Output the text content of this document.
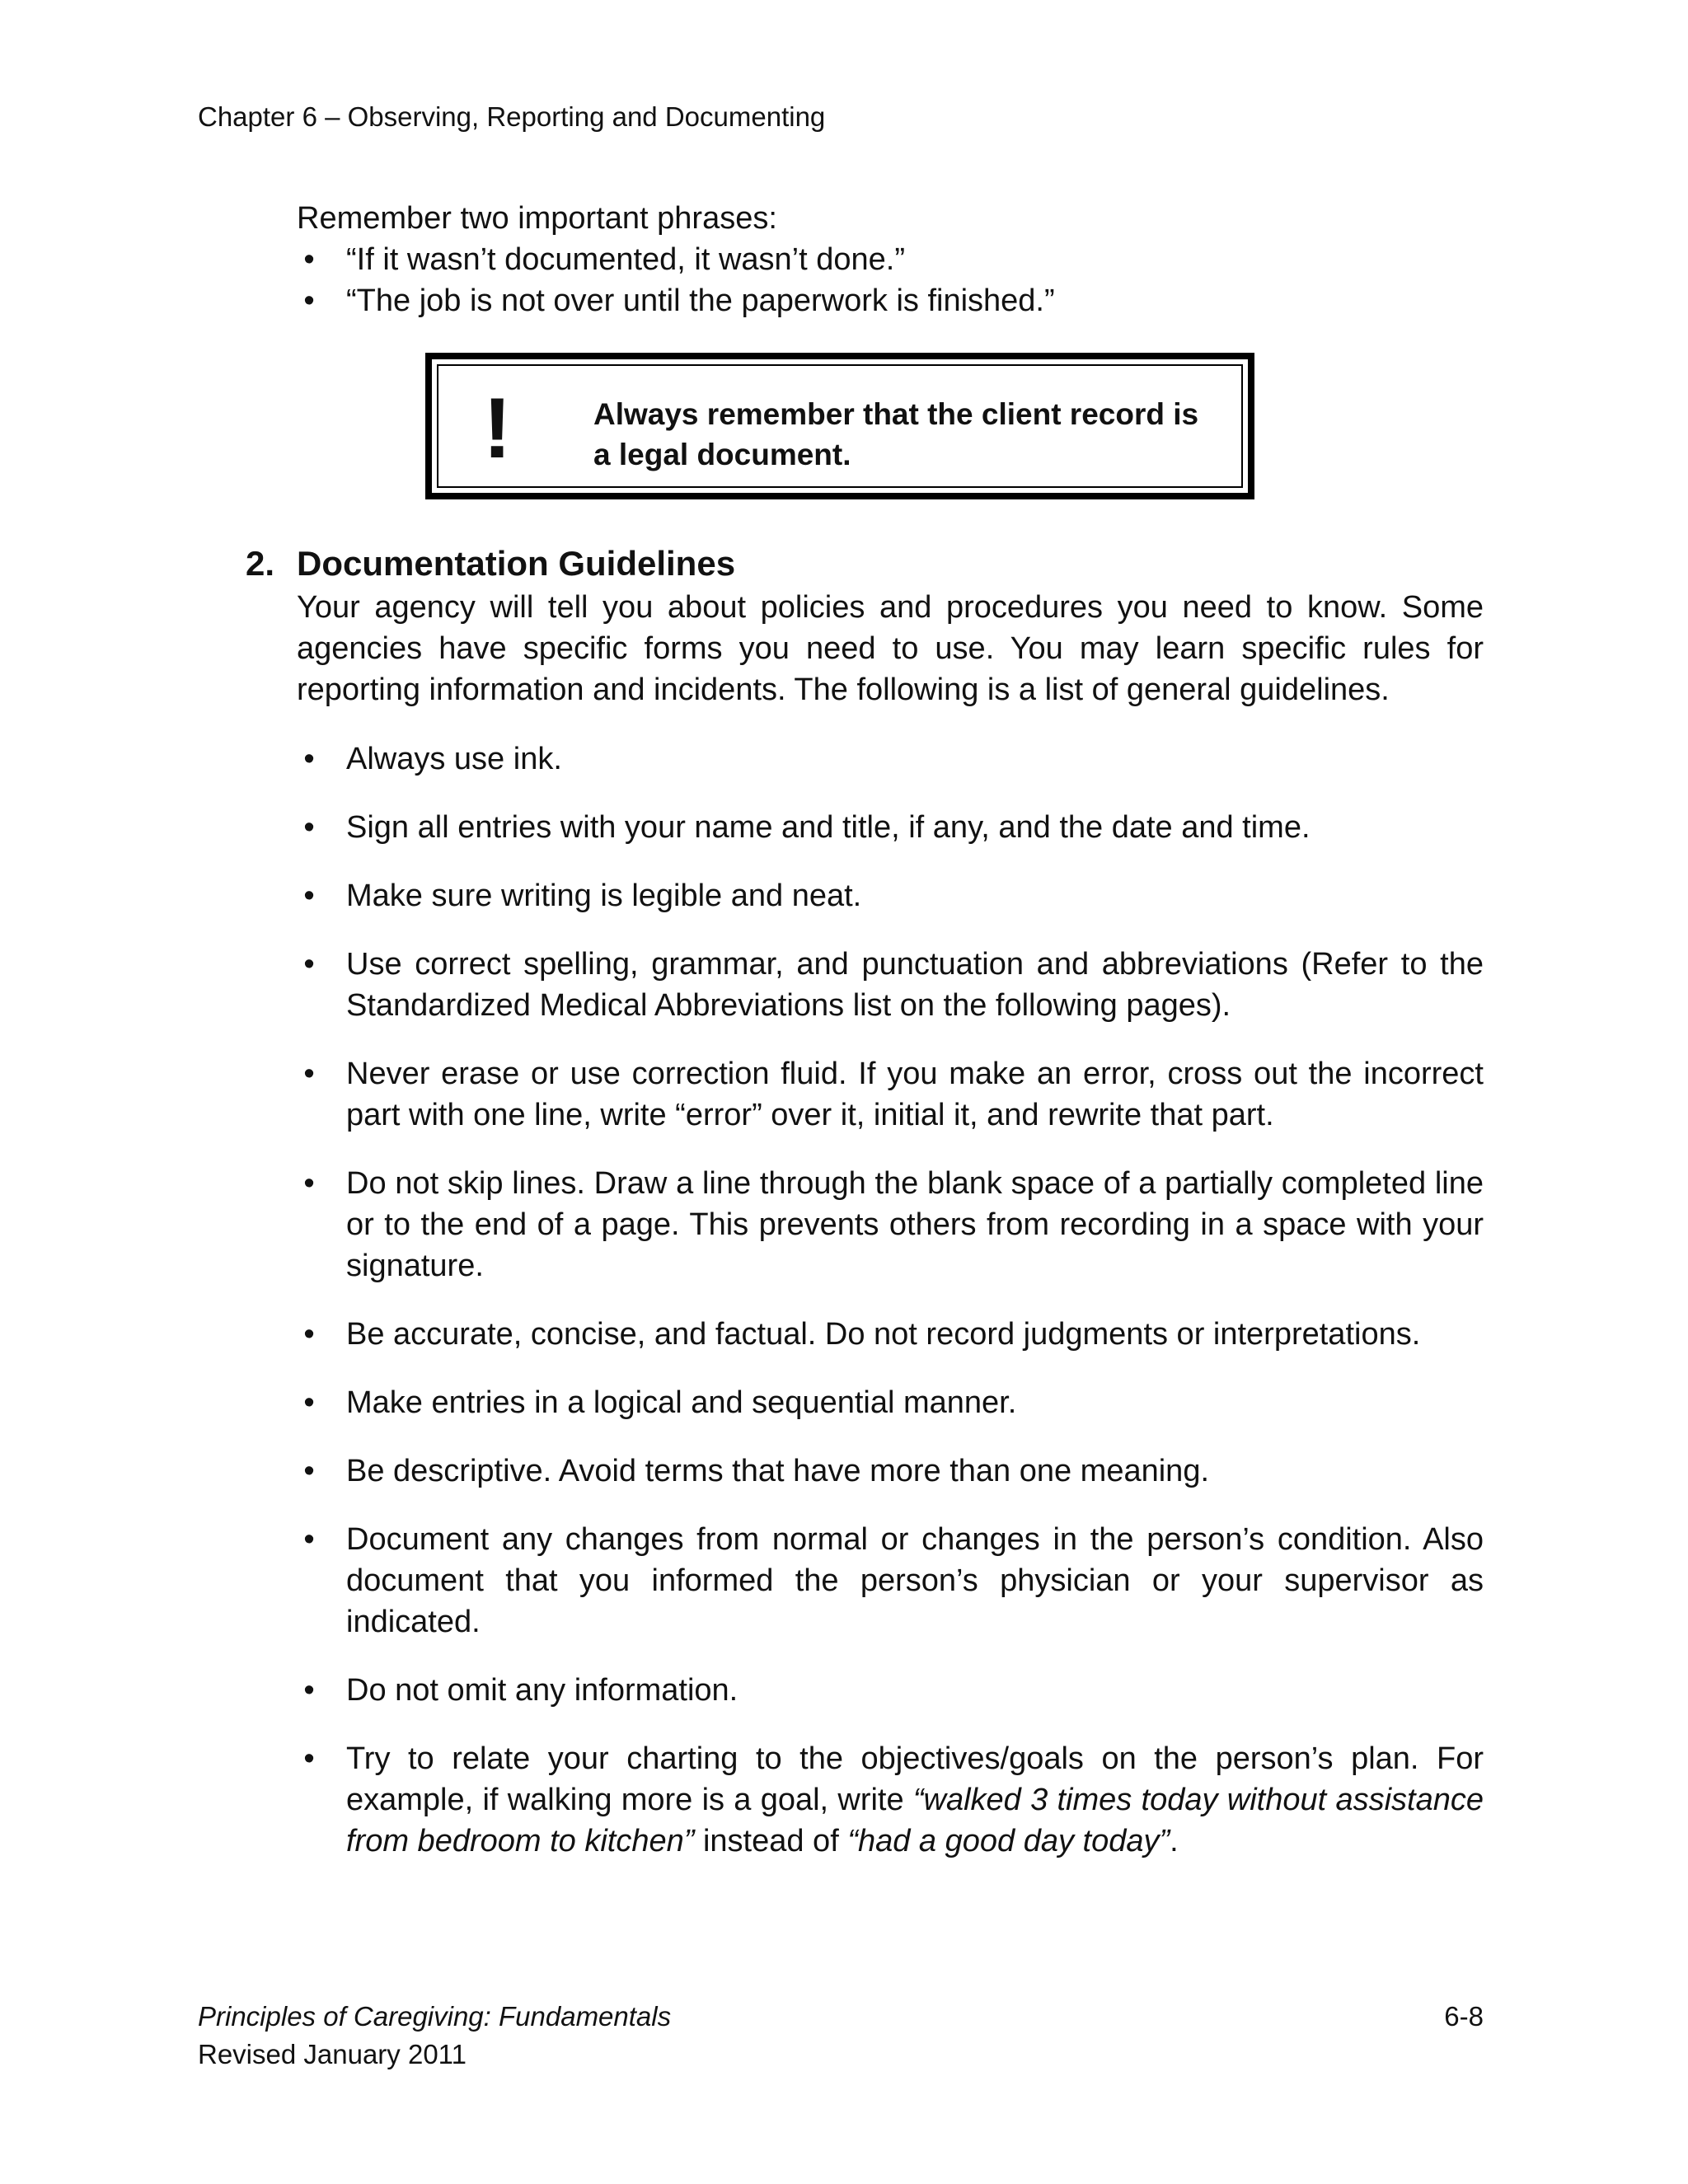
Chapter 6 – Observing, Reporting and Documenting
Remember two important phrases:
• “If it wasn’t documented, it wasn’t done.”
• “The job is not over until the paperwork is finished.”
!	Always remember that the client record is a legal document.
2. Documentation Guidelines

Your agency will tell you about policies and procedures you need to know. Some agencies have specific forms you need to use. You may learn specific rules for reporting information and incidents. The following is a list of general guidelines.

• Always use ink.
• Sign all entries with your name and title, if any, and the date and time.
• Make sure writing is legible and neat.
• Use correct spelling, grammar, and punctuation and abbreviations (Refer to the Standardized Medical Abbreviations list on the following pages).
• Never erase or use correction fluid. If you make an error, cross out the incorrect part with one line, write “error” over it, initial it, and rewrite that part.
• Do not skip lines. Draw a line through the blank space of a partially completed line or to the end of a page. This prevents others from recording in a space with your signature.
• Be accurate, concise, and factual. Do not record judgments or interpretations.
• Make entries in a logical and sequential manner.
• Be descriptive. Avoid terms that have more than one meaning.
• Document any changes from normal or changes in the person’s condition. Also document that you informed the person’s physician or your supervisor as indicated.
• Do not omit any information.
• Try to relate your charting to the objectives/goals on the person’s plan. For example, if walking more is a goal, write “walked 3 times today without assistance from bedroom to kitchen” instead of “had a good day today”.
Principles of Caregiving: Fundamentals	6-8
Revised January 2011
